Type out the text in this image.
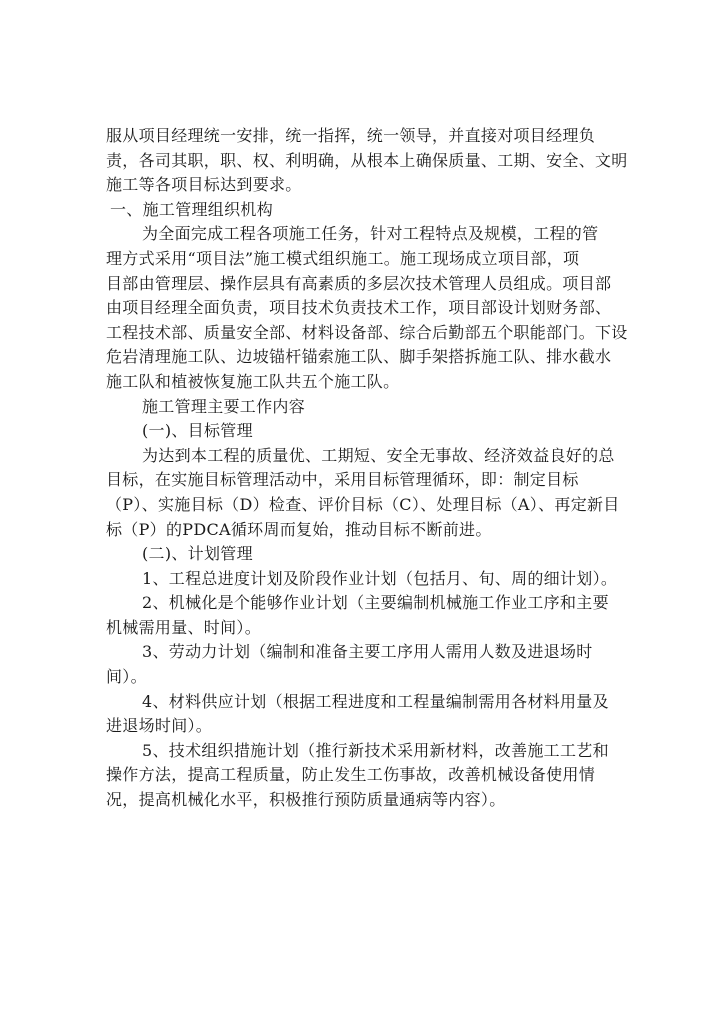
服从项目经理统一安排，统一指挥，统一领导，并直接对项目经理负
责，各司其职，职、权、利明确，从根本上确保质量、工期、安全、文明
施工等各项目标达到要求。
一、施工管理组织机构
为全面完成工程各项施工任务，针对工程特点及规模，工程的管
理方式采用“项目法”施工模式组织施工。施工现场成立项目部，项
目部由管理层、操作层具有高素质的多层次技术管理人员组成。项目部
由项目经理全面负责，项目技术负责技术工作，项目部设计划财务部、
工程技术部、质量安全部、材料设备部、综合后勤部五个职能部门。下设
危岩清理施工队、边坡锚杆锚索施工队、脚手架搭拆施工队、排水截水
施工队和植被恢复施工队共五个施工队。
施工管理主要工作内容
(一)、目标管理
为达到本工程的质量优、工期短、安全无事故、经济效益良好的总
目标，在实施目标管理活动中，采用目标管理循环，即：制定目标
（P）、实施目标（D）检查、评价目标（C）、处理目标（A）、再定新目
标（P）的PDCA循环周而复始，推动目标不断前进。
(二)、计划管理
1、工程总进度计划及阶段作业计划（包括月、旬、周的细计划）。
2、机械化是个能够作业计划（主要编制机械施工作业工序和主要
机械需用量、时间）。
3、劳动力计划（编制和准备主要工序用人需用人数及进退场时
间）。
4、材料供应计划（根据工程进度和工程量编制需用各材料用量及
进退场时间）。
5、技术组织措施计划（推行新技术采用新材料，改善施工工艺和
操作方法，提高工程质量，防止发生工伤事故，改善机械设备使用情
况，提高机械化水平，积极推行预防质量通病等内容）。
